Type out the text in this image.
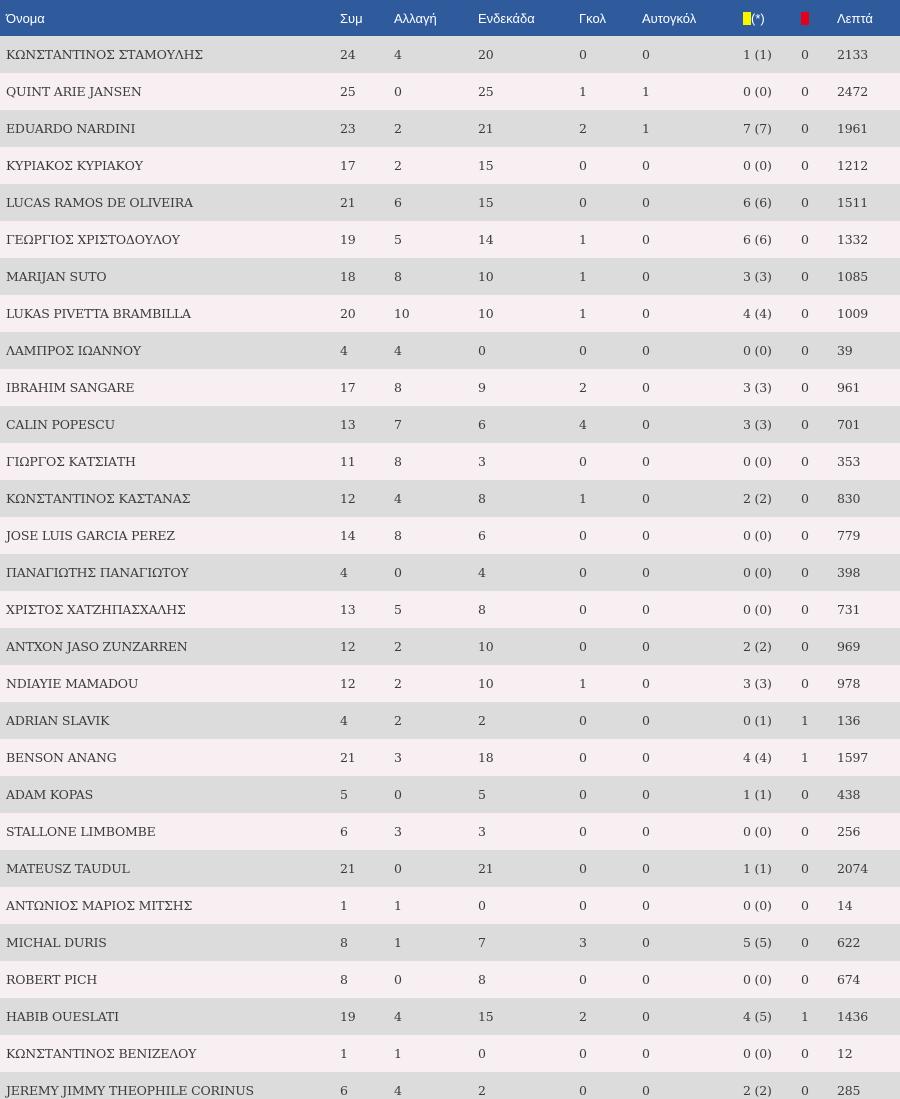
Όνομα	Συμ	Αλλαγή	Ενδεκάδα	Γκολ	Αυτογκόλ	(*)		Λεπτά
ΚΩΝΣΤΑΝΤΙΝΟΣ ΣΤΑΜΟΥΛΗΣ	24	4	20	0	0	1 (1)	0	2133
QUINT ARIE JANSEN	25	0	25	1	1	0 (0)	0	2472
EDUARDO NARDINI	23	2	21	2	1	7 (7)	0	1961
ΚΥΡΙΑΚΟΣ ΚΥΡΙΑΚΟΥ	17	2	15	0	0	0 (0)	0	1212
LUCAS RAMOS DE OLIVEIRA	21	6	15	0	0	6 (6)	0	1511
ΓΕΩΡΓΙΟΣ ΧΡΙΣΤΟΔΟΥΛΟΥ	19	5	14	1	0	6 (6)	0	1332
MARIJAN SUTO	18	8	10	1	0	3 (3)	0	1085
LUKAS PIVETTA BRAMBILLA	20	10	10	1	0	4 (4)	0	1009
ΛΑΜΠΡΟΣ ΙΩΑΝΝΟΥ	4	4	0	0	0	0 (0)	0	39
IBRAHIM SANGARE	17	8	9	2	0	3 (3)	0	961
CALIN POPESCU	13	7	6	4	0	3 (3)	0	701
ΓΙΩΡΓΟΣ ΚΑΤΣΙΑΤΗ	11	8	3	0	0	0 (0)	0	353
ΚΩΝΣΤΑΝΤΙΝΟΣ ΚΑΣΤΑΝΑΣ	12	4	8	1	0	2 (2)	0	830
JOSE LUIS GARCIA PEREZ	14	8	6	0	0	0 (0)	0	779
ΠΑΝΑΓΙΩΤΗΣ ΠΑΝΑΓΙΩΤΟΥ	4	0	4	0	0	0 (0)	0	398
ΧΡΙΣΤΟΣ ΧΑΤΖΗΠΑΣΧΑΛΗΣ	13	5	8	0	0	0 (0)	0	731
ANTXON JASO ZUNZARREN	12	2	10	0	0	2 (2)	0	969
NDIAYIE MAMADOU	12	2	10	1	0	3 (3)	0	978
ADRIAN SLAVIK	4	2	2	0	0	0 (1)	1	136
BENSON ANANG	21	3	18	0	0	4 (4)	1	1597
ADAM KOPAS	5	0	5	0	0	1 (1)	0	438
STALLONE LIMBOMBE	6	3	3	0	0	0 (0)	0	256
MATEUSZ TAUDUL	21	0	21	0	0	1 (1)	0	2074
ΑΝΤΩΝΙΟΣ ΜΑΡΙΟΣ ΜΙΤΣΗΣ	1	1	0	0	0	0 (0)	0	14
MICHAL DURIS	8	1	7	3	0	5 (5)	0	622
ROBERT PICH	8	0	8	0	0	0 (0)	0	674
HABIB OUESLATI	19	4	15	2	0	4 (5)	1	1436
ΚΩΝΣΤΑΝΤΙΝΟΣ ΒΕΝΙΖΕΛΟΥ	1	1	0	0	0	0 (0)	0	12
JEREMY JIMMY THEOPHILE CORINUS	6	4	2	0	0	2 (2)	0	285
